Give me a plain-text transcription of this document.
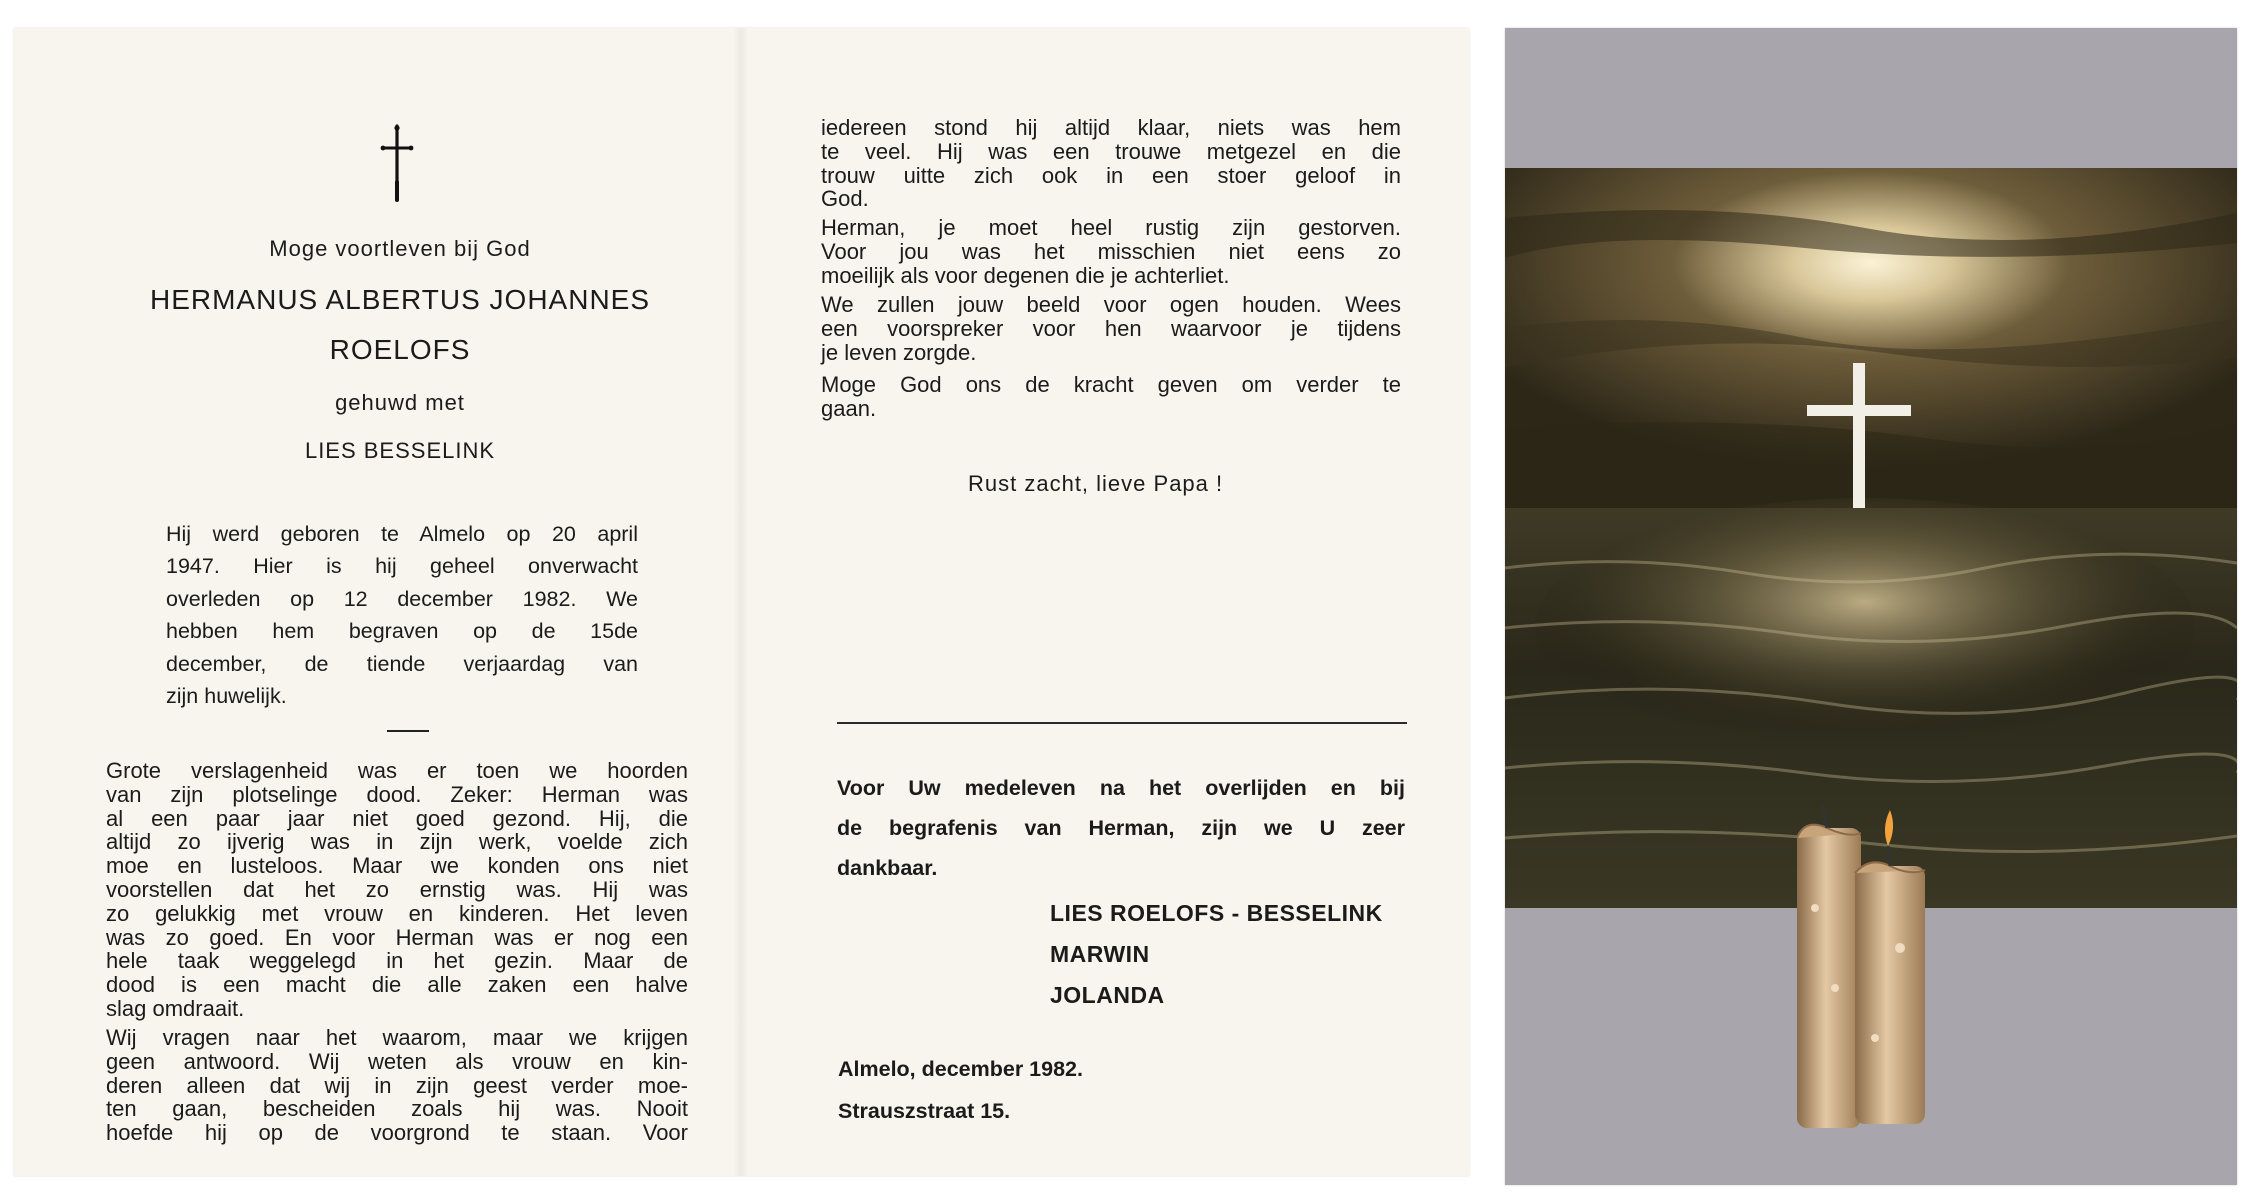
Moge voortleven bij God
HERMANUS ALBERTUS JOHANNES
ROELOFS
gehuwd met
LIES BESSELINK
Hij werd geboren te Almelo op 20 april
1947. Hier is hij geheel onverwacht
overleden op 12 december 1982. We
hebben hem begraven op de 15de
december, de tiende verjaardag van
zijn huwelijk.
Grote verslagenheid was er toen we hoorden
van zijn plotselinge dood. Zeker: Herman was
al een paar jaar niet goed gezond. Hij, die
altijd zo ijverig was in zijn werk, voelde zich
moe en lusteloos. Maar we konden ons niet
voorstellen dat het zo ernstig was. Hij was
zo gelukkig met vrouw en kinderen. Het leven
was zo goed. En voor Herman was er nog een
hele taak weggelegd in het gezin. Maar de
dood is een macht die alle zaken een halve
slag omdraait.
Wij vragen naar het waarom, maar we krijgen
geen antwoord. Wij weten als vrouw en kin-
deren alleen dat wij in zijn geest verder moe-
ten gaan, bescheiden zoals hij was. Nooit
hoefde hij op de voorgrond te staan. Voor
iedereen stond hij altijd klaar, niets was hem
te veel. Hij was een trouwe metgezel en die
trouw uitte zich ook in een stoer geloof in
God.
Herman, je moet heel rustig zijn gestorven.
Voor jou was het misschien niet eens zo
moeilijk als voor degenen die je achterliet.
We zullen jouw beeld voor ogen houden. Wees
een voorspreker voor hen waarvoor je tijdens
je leven zorgde.
Moge God ons de kracht geven om verder te
gaan.
Rust zacht, lieve Papa !
Voor Uw medeleven na het overlijden en bij
de begrafenis van Herman, zijn we U zeer
dankbaar.
LIES ROELOFS - BESSELINK
MARWIN
JOLANDA
Almelo, december 1982.
Strauszstraat 15.
